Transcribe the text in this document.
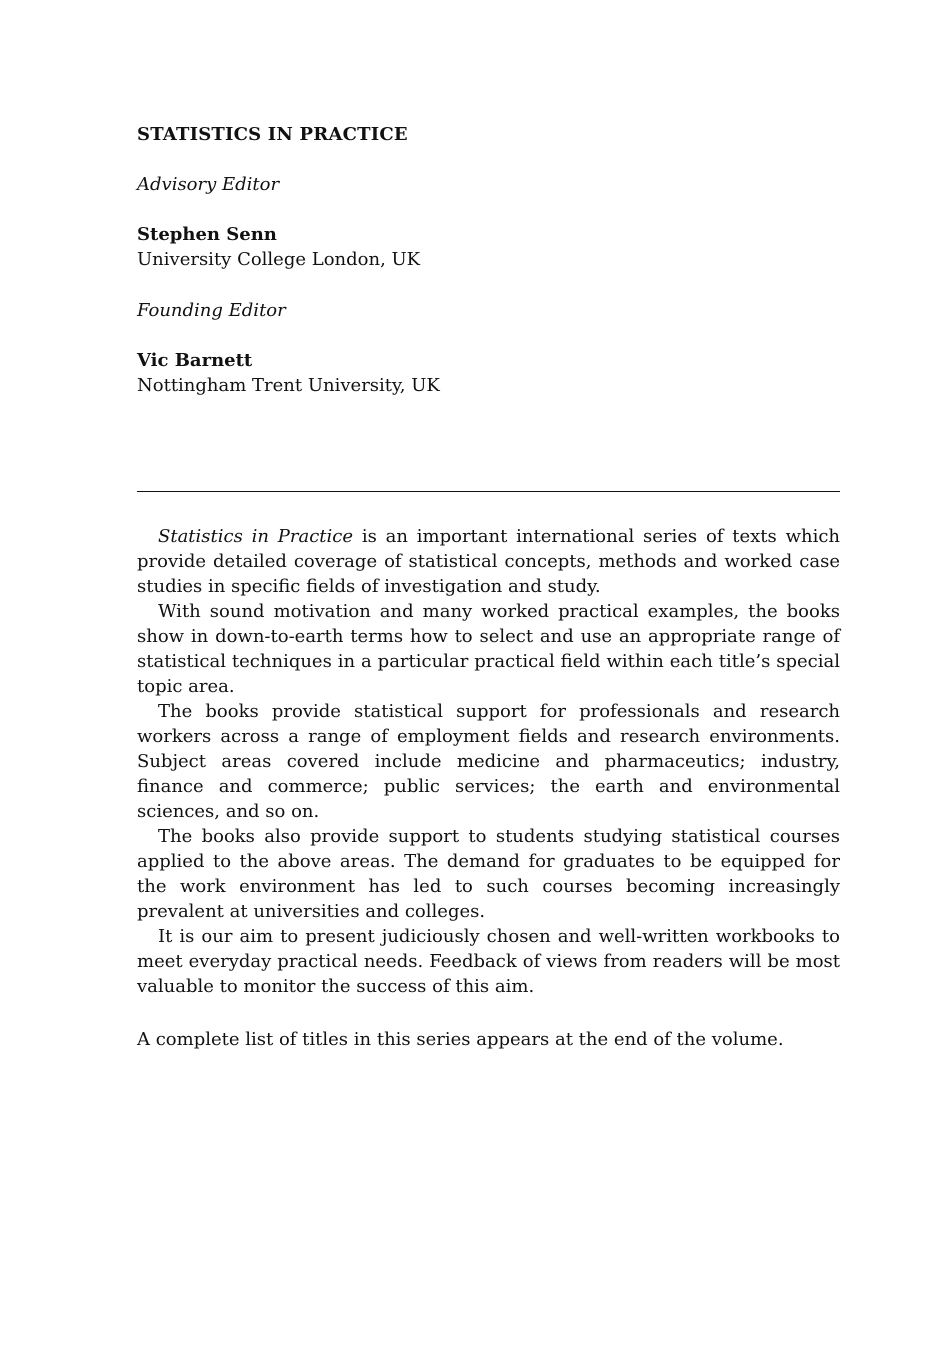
STATISTICS IN PRACTICE
Advisory Editor
Stephen Senn
University College London, UK
Founding Editor
Vic Barnett
Nottingham Trent University, UK

Statistics in Practice is an important international series of texts which provide detailed coverage of statistical concepts, methods and worked case studies in specific fields of investigation and study.

With sound motivation and many worked practical examples, the books show in down-to-earth terms how to select and use an appropriate range of statistical techniques in a particular practical field within each title’s special topic area.

The books provide statistical support for professionals and research workers across a range of employment fields and research environments. Subject areas covered include medicine and pharmaceutics; industry, finance and commerce; public services; the earth and environmental sciences, and so on.

The books also provide support to students studying statistical courses applied to the above areas. The demand for graduates to be equipped for the work environment has led to such courses becoming increasingly prevalent at universities and colleges.

It is our aim to present judiciously chosen and well-written workbooks to meet everyday practical needs. Feedback of views from readers will be most valuable to monitor the success of this aim.

A complete list of titles in this series appears at the end of the volume.
